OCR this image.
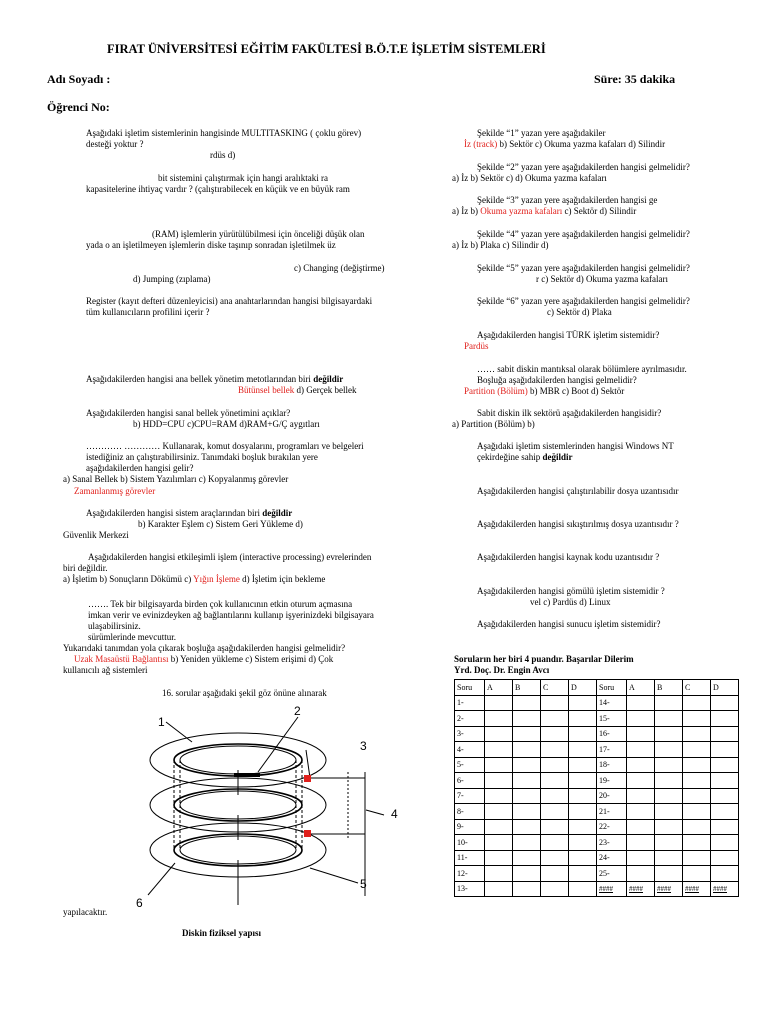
FIRAT ÜNİVERSİTESİ EĞİTİM FAKÜLTESİ B.Ö.T.E İŞLETİM SİSTEMLERİ
Adı Soyadı :	Süre: 35 dakika
Öğrenci No:
Aşağıdaki işletim sistemlerinin hangisinde MULTITASKING ( çoklu görev)
desteği yoktur ?
rdüs d)
bit sistemini çalıştırmak için hangi aralıktaki ra
kapasitelerine ihtiyaç vardır ? (çalıştırabilecek en küçük ve en büyük ram
(RAM) işlemlerin yürütülübilmesi için önceliği düşük olan
yada o an işletilmeyen işlemlerin diske taşınıp sonradan işletilmek üz
c) Changing (değiştirme)
d) Jumping (zıplama)
Register (kayıt defteri düzenleyicisi) ana anahtarlarından hangisi bilgisayardaki
tüm kullanıcıların profilini içerir ?
Aşağıdakilerden hangisi ana bellek yönetim metotlarından biri değildir
Bütünsel bellek d) Gerçek bellek
Aşağıdakilerden hangisi sanal bellek yönetimini açıklar?
b) HDD=CPU c)CPU=RAM d)RAM+G/Ç aygıtları
………… ………… Kullanarak, komut dosyalarını, programları ve belgeleri
istediğiniz an çalıştırabilirsiniz. Tanımdaki boşluk bırakılan yere
aşağıdakilerden hangisi gelir?
a) Sanal Bellek b) Sistem Yazılımları c) Kopyalanmış görevler
Zamanlanmış görevler
Aşağıdakilerden hangisi sistem araçlarından biri değildir
b) Karakter Eşlem c) Sistem Geri Yükleme d)
Güvenlik Merkezi
Aşağıdakilerden hangisi etkileşimli işlem (interactive processing) evrelerinden
biri değildir.
a) İşletim b) Sonuçların Dökümü c) Yığın İşleme d) İşletim için bekleme
……. Tek bir bilgisayarda birden çok kullanıcının etkin oturum açmasına
imkan verir ve evinizdeyken ağ bağlantılarını kullanıp işyerinizdeki bilgisayara
ulaşabilirsiniz.
sürümlerinde mevcuttur.
Yukarıdaki tanımdan yola çıkarak boşluğa aşağıdakilerden hangisi gelmelidir?
Uzak Masaüstü Bağlantısı b) Yeniden yükleme c) Sistem erişimi d) Çok
kullanıcılı ağ sistemleri
16. sorular aşağıdaki şekil göz önüne alınarak
1
2
3
4
5
6
yapılacaktır.
Diskin fiziksel yapısı
Şekilde “1” yazan yere aşağıdakiler
İz (track) b) Sektör c) Okuma yazma kafaları d) Silindir
Şekilde “2” yazan yere aşağıdakilerden hangisi gelmelidir?
a) İz b) Sektör c) d) Okuma yazma kafaları
Şekilde “3” yazan yere aşağıdakilerden hangisi ge
a) İz b) Okuma yazma kafaları c) Sektör d) Silindir
Şekilde “4” yazan yere aşağıdakilerden hangisi gelmelidir?
a) İz b) Plaka c) Silindir d)
Şekilde “5” yazan yere aşağıdakilerden hangisi gelmelidir?
r c) Sektör d) Okuma yazma kafaları
Şekilde “6” yazan yere aşağıdakilerden hangisi gelmelidir?
c) Sektör d) Plaka
Aşağıdakilerden hangisi TÜRK işletim sistemidir?
Pardüs
…… sabit diskin mantıksal olarak bölümlere ayrılmasıdır.
Boşluğa aşağıdakilerden hangisi gelmelidir?
Partition (Bölüm) b) MBR c) Boot d) Sektör
Sabit diskin ilk sektörü aşağıdakilerden hangisidir?
a) Partition (Bölüm) b)
Aşağıdaki işletim sistemlerinden hangisi Windows NT
çekirdeğine sahip değildir
Aşağıdakilerden hangisi çalıştırılabilir dosya uzantısıdır
Aşağıdakilerden hangisi sıkıştırılmış dosya uzantısıdır ?
Aşağıdakilerden hangisi kaynak kodu uzantısıdır ?
Aşağıdakilerden hangisi gömülü işletim sistemidir ?
vel c) Pardüs d) Linux
Aşağıdakilerden hangisi sunucu işletim sistemidir?
Soruların her biri 4 puandır. Başarılar Dilerim
Yrd. Doç. Dr. Engin Avcı
Soru	A	B	C	D	Soru	A	B	C	D
1-					14-				
2-					15-				
3-					16-				
4-					17-				
5-					18-				
6-					19-				
7-					20-				
8-					21-				
9-					22-				
10-					23-				
11-					24-				
12-					25-				
13-					####	####	####	####	####
